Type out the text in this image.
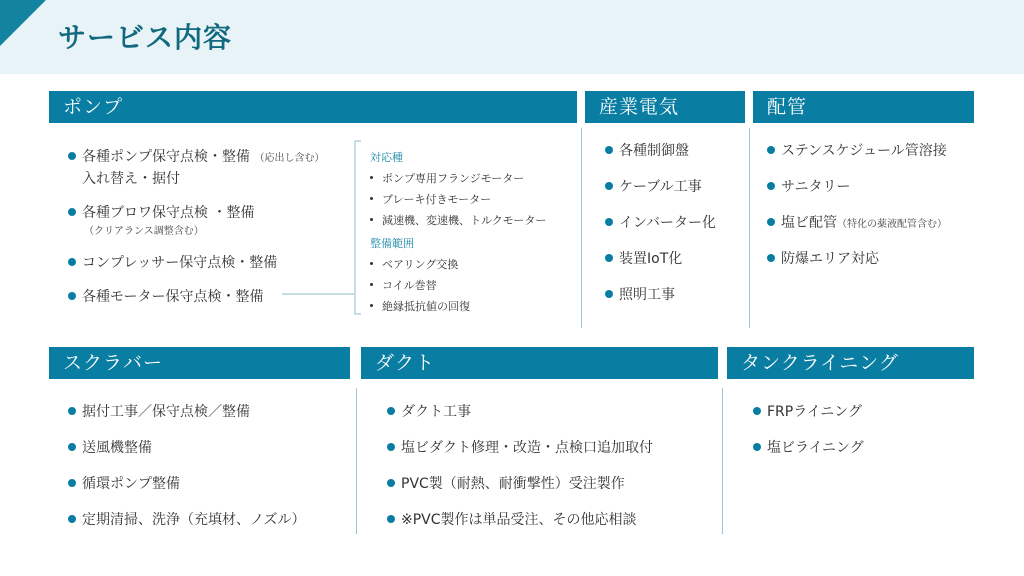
サービス内容
ポンプ	産業電気	配管
スクラバー	ダクト	タンクライニング
各種ポンプ保守点検・整備 （応出し含む）
入れ替え・据付
各種ブロワ保守点検 ・整備
（クリアランス調整含む）
コンプレッサー保守点検・整備
各種モーター保守点検・整備
対応種
ポンプ専用フランジモーター
ブレーキ付きモーター
減速機、変速機、トルクモーター
整備範囲
ベアリング交換
コイル巻替
絶縁抵抗値の回復
各種制御盤
ケーブル工事
インバーター化
装置IoT化
照明工事
ステンスケジュール管溶接
サニタリー
塩ビ配管（特化の薬液配管含む）
防爆エリア対応
据付工事／保守点検／整備
送風機整備
循環ポンプ整備
定期清掃、洗浄（充填材、ノズル）
ダクト工事
塩ビダクト修理・改造・点検口追加取付
PVC製（耐熱、耐衝撃性）受注製作
※PVC製作は単品受注、その他応相談
FRPライニング
塩ビライニング
